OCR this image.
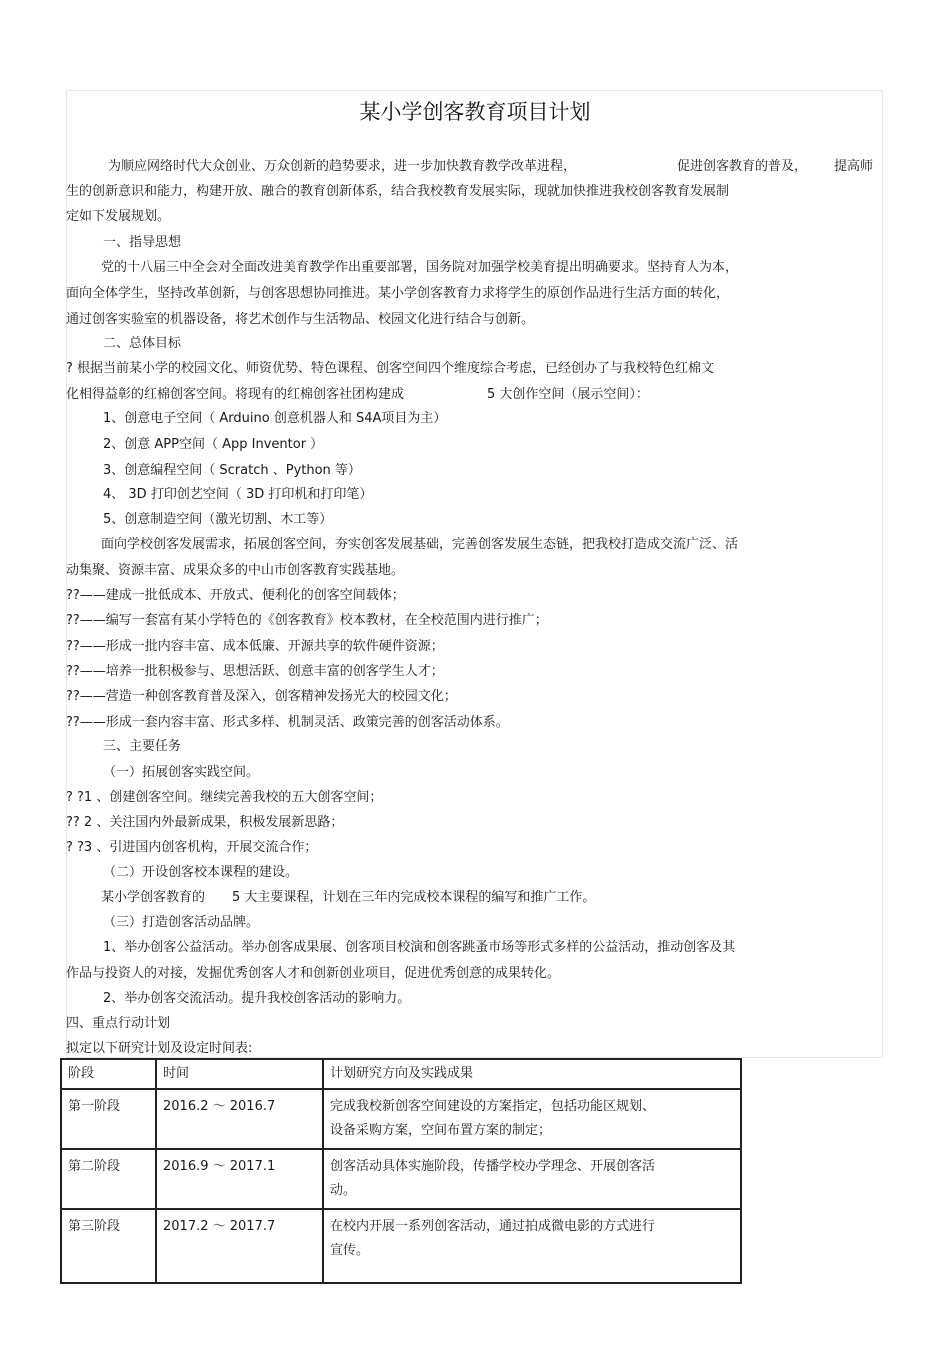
某小学创客教育项目计划
为顺应网络时代大众创业、万众创新的趋势要求，进一步加快教育教学改革进程，	促进创客教育的普及， 提高师
生的创新意识和能力，构建开放、融合的教育创新体系，结合我校教育发展实际，现就加快推进我校创客教育发展制
定如下发展规划。
一、指导思想
党的十八届三中全会对全面改进美育教学作出重要部署，国务院对加强学校美育提出明确要求。坚持育人为本，
面向全体学生，坚持改革创新，与创客思想协同推进。某小学创客教育力求将学生的原创作品进行生活方面的转化，
通过创客实验室的机器设备，将艺术创作与生活物品、校园文化进行结合与创新。
二、总体目标
? 根据当前某小学的校园文化、师资优势、特色课程、创客空间四个维度综合考虑，已经创办了与我校特色红棉文
化相得益彰的红棉创客空间。将现有的红棉创客社团构建成	5 大创作空间（展示空间）：
1、创意电子空间（ Arduino 创意机器人和 S4A项目为主）
2、创意 APP空间（ App Inventor ）
3、创意编程空间（ Scratch 、Python 等）
4、 3D 打印创艺空间（ 3D 打印机和打印笔）
5、创意制造空间（激光切割、木工等）
面向学校创客发展需求，拓展创客空间，夯实创客发展基础，完善创客发展生态链，把我校打造成交流广泛、活
动集聚、资源丰富、成果众多的中山市创客教育实践基地。
??——建成一批低成本、开放式、便利化的创客空间载体；
??——编写一套富有某小学特色的《创客教育》校本教材，在全校范围内进行推广；
??——形成一批内容丰富、成本低廉、开源共享的软件硬件资源；
??——培养一批积极参与、思想活跃、创意丰富的创客学生人才；
??——营造一种创客教育普及深入，创客精神发扬光大的校园文化；
??——形成一套内容丰富、形式多样、机制灵活、政策完善的创客活动体系。
三、主要任务
（一）拓展创客实践空间。
? ?1 、创建创客空间。继续完善我校的五大创客空间；
?? 2 、关注国内外最新成果，积极发展新思路；
? ?3 、引进国内创客机构，开展交流合作；
（二）开设创客校本课程的建设。
某小学创客教育的 5 大主要课程，计划在三年内完成校本课程的编写和推广工作。
（三）打造创客活动品牌。
1、举办创客公益活动。举办创客成果展、创客项目校演和创客跳蚤市场等形式多样的公益活动，推动创客及其
作品与投资人的对接，发掘优秀创客人才和创新创业项目，促进优秀创意的成果转化。
2、举办创客交流活动。提升我校创客活动的影响力。
四、重点行动计划
拟定以下研究计划及设定时间表:
阶段	时间	计划研究方向及实践成果
第一阶段	2016.2 ～ 2016.7	完成我校新创客空间建设的方案指定，包括功能区规划、
设备采购方案，空间布置方案的制定；

第二阶段	2016.9 ～ 2017.1	创客活动具体实施阶段，传播学校办学理念、开展创客活
动。

第三阶段	2017.2 ～ 2017.7	在校内开展一系列创客活动，通过拍成微电影的方式进行
宣传。
